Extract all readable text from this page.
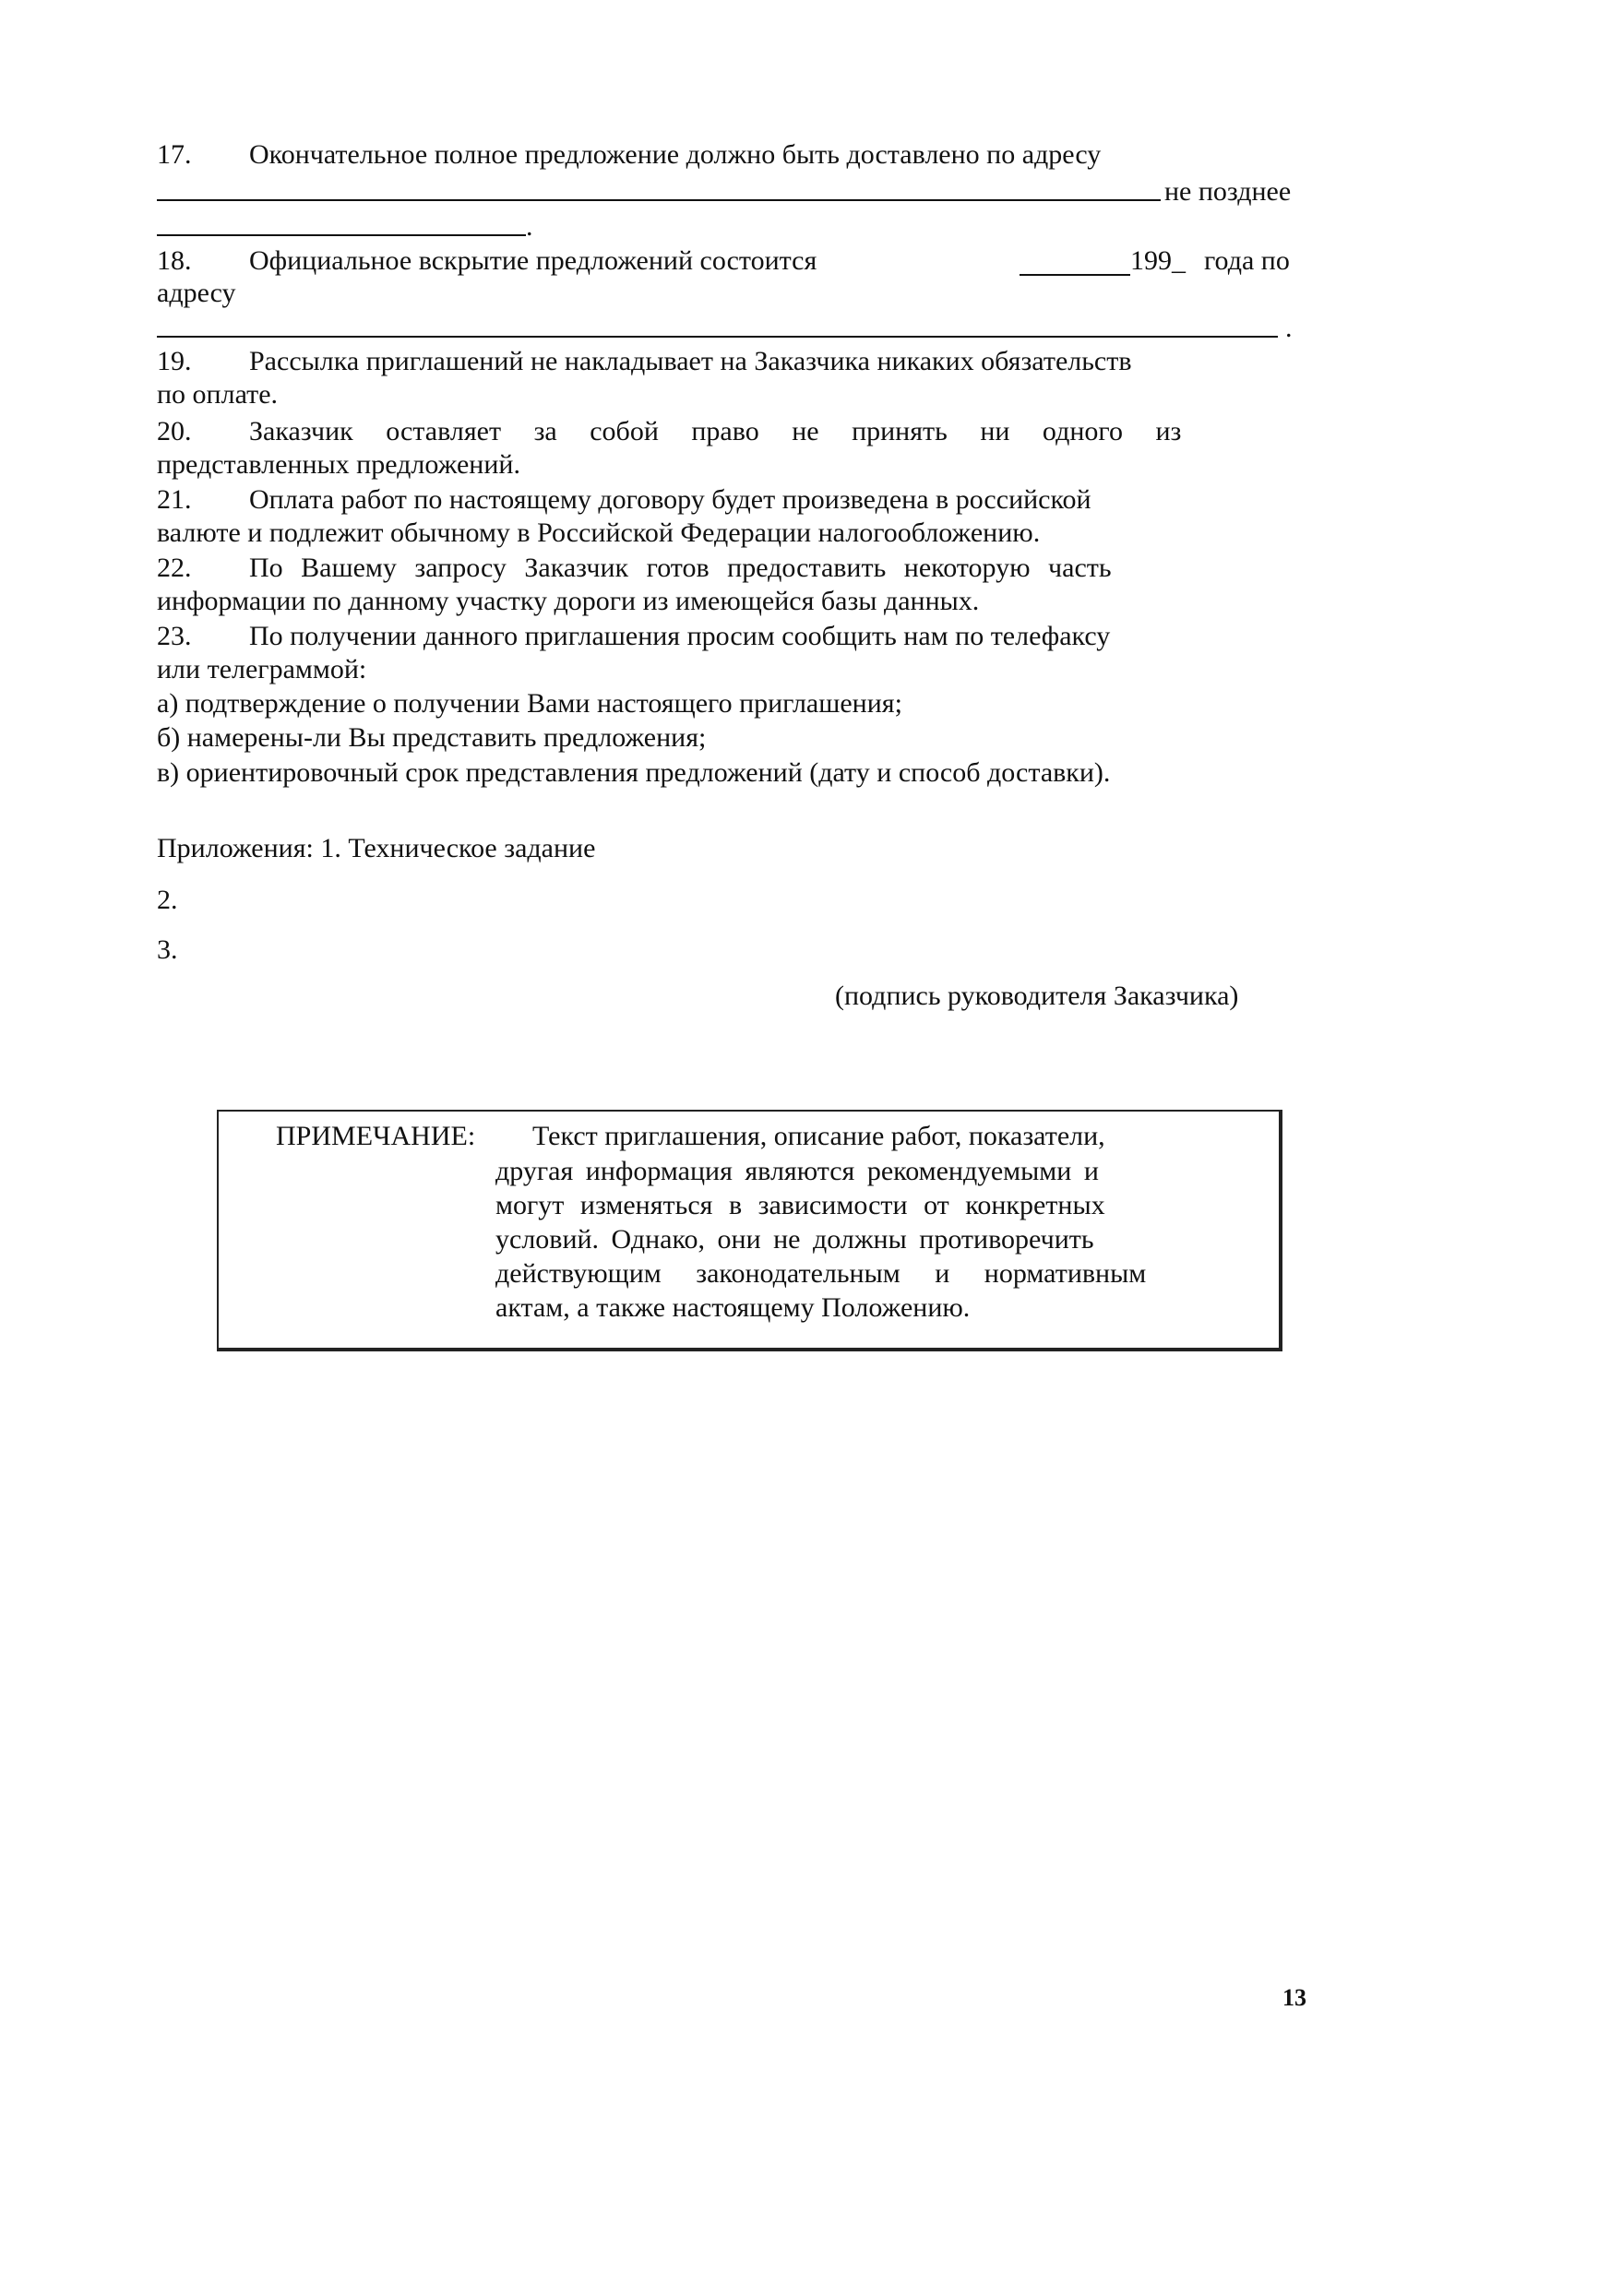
17. Окончательное полное предложение должно быть доставлено по адресу
не позднее
.
18. Официальное вскрытие предложений состоится	199_ года по
адресу
.
19. Рассылка приглашений не накладывает на Заказчика никаких обязательств
по оплате.
20. Заказчик оставляет за собой право не принять ни одного из
представленных предложений.
21. Оплата работ по настоящему договору будет произведена в российской
валюте и подлежит обычному в Российской Федерации налогообложению.
22. По Вашему запросу Заказчик готов предоставить некоторую часть
информации по данному участку дороги из имеющейся базы данных.
23. По получении данного приглашения просим сообщить нам по телефаксу
или телеграммой:
а) подтверждение о получении Вами настоящего приглашения;
б) намерены-ли Вы представить предложения;
в) ориентировочный срок представления предложений (дату и способ доставки).
Приложения: 1. Техническое задание
2.
3.
(подпись руководителя Заказчика)
ПРИМЕЧАНИЕ: Текст приглашения, описание работ, показатели,
другая информация являются рекомендуемыми и
могут изменяться в зависимости от конкретных
условий. Однако, они не должны противоречить
действующим законодательным и нормативным
актам, а также настоящему Положению.
13
